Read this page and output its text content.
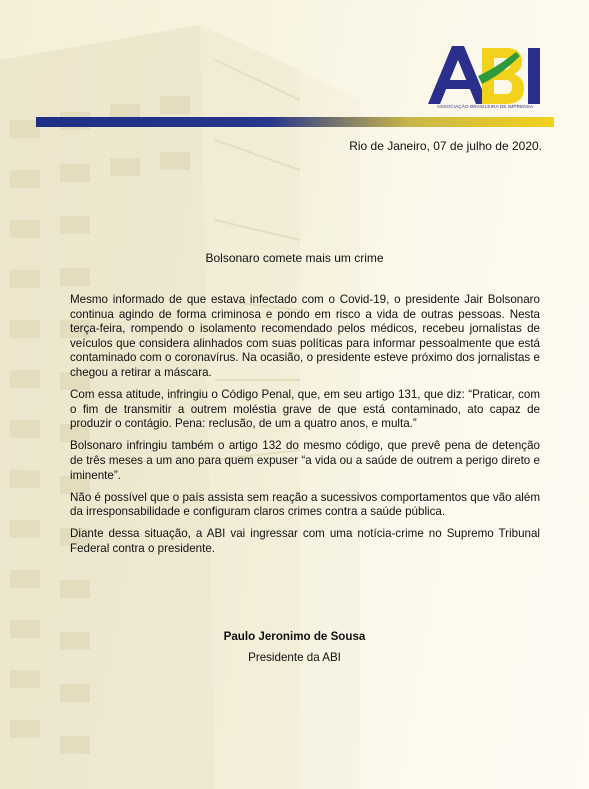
ASSOCIAÇÃO BRASILEIRA DE IMPRENSA
Rio de Janeiro, 07 de julho de 2020.
Bolsonaro comete mais um crime

Mesmo informado de que estava infectado com o Covid-19, o presidente Jair Bolsonaro continua agindo de forma criminosa e pondo em risco a vida de outras pessoas. Nesta terça-feira, rompendo o isolamento recomendado pelos médicos, recebeu jornalistas de veículos que considera alinhados com suas políticas para informar pessoalmente que está contaminado com o coronavírus. Na ocasião, o presidente esteve próximo dos jornalistas e chegou a retirar a máscara.

Com essa atitude, infringiu o Código Penal, que, em seu artigo 131, que diz: “Praticar, com o fim de transmitir a outrem moléstia grave de que está contaminado, ato capaz de produzir o contágio. Pena: reclusão, de um a quatro anos, e multa.”

Bolsonaro infringiu também o artigo 132 do mesmo código, que prevê pena de detenção de três meses a um ano para quem expuser “a vida ou a saúde de outrem a perigo direto e iminente”.

Não é possível que o país assista sem reação a sucessivos comportamentos que vão além da irresponsabilidade e configuram claros crimes contra a saúde pública.

Diante dessa situação, a ABI vai ingressar com uma notícia-crime no Supremo Tribunal Federal contra o presidente.

Paulo Jeronimo de Sousa
Presidente da ABI
